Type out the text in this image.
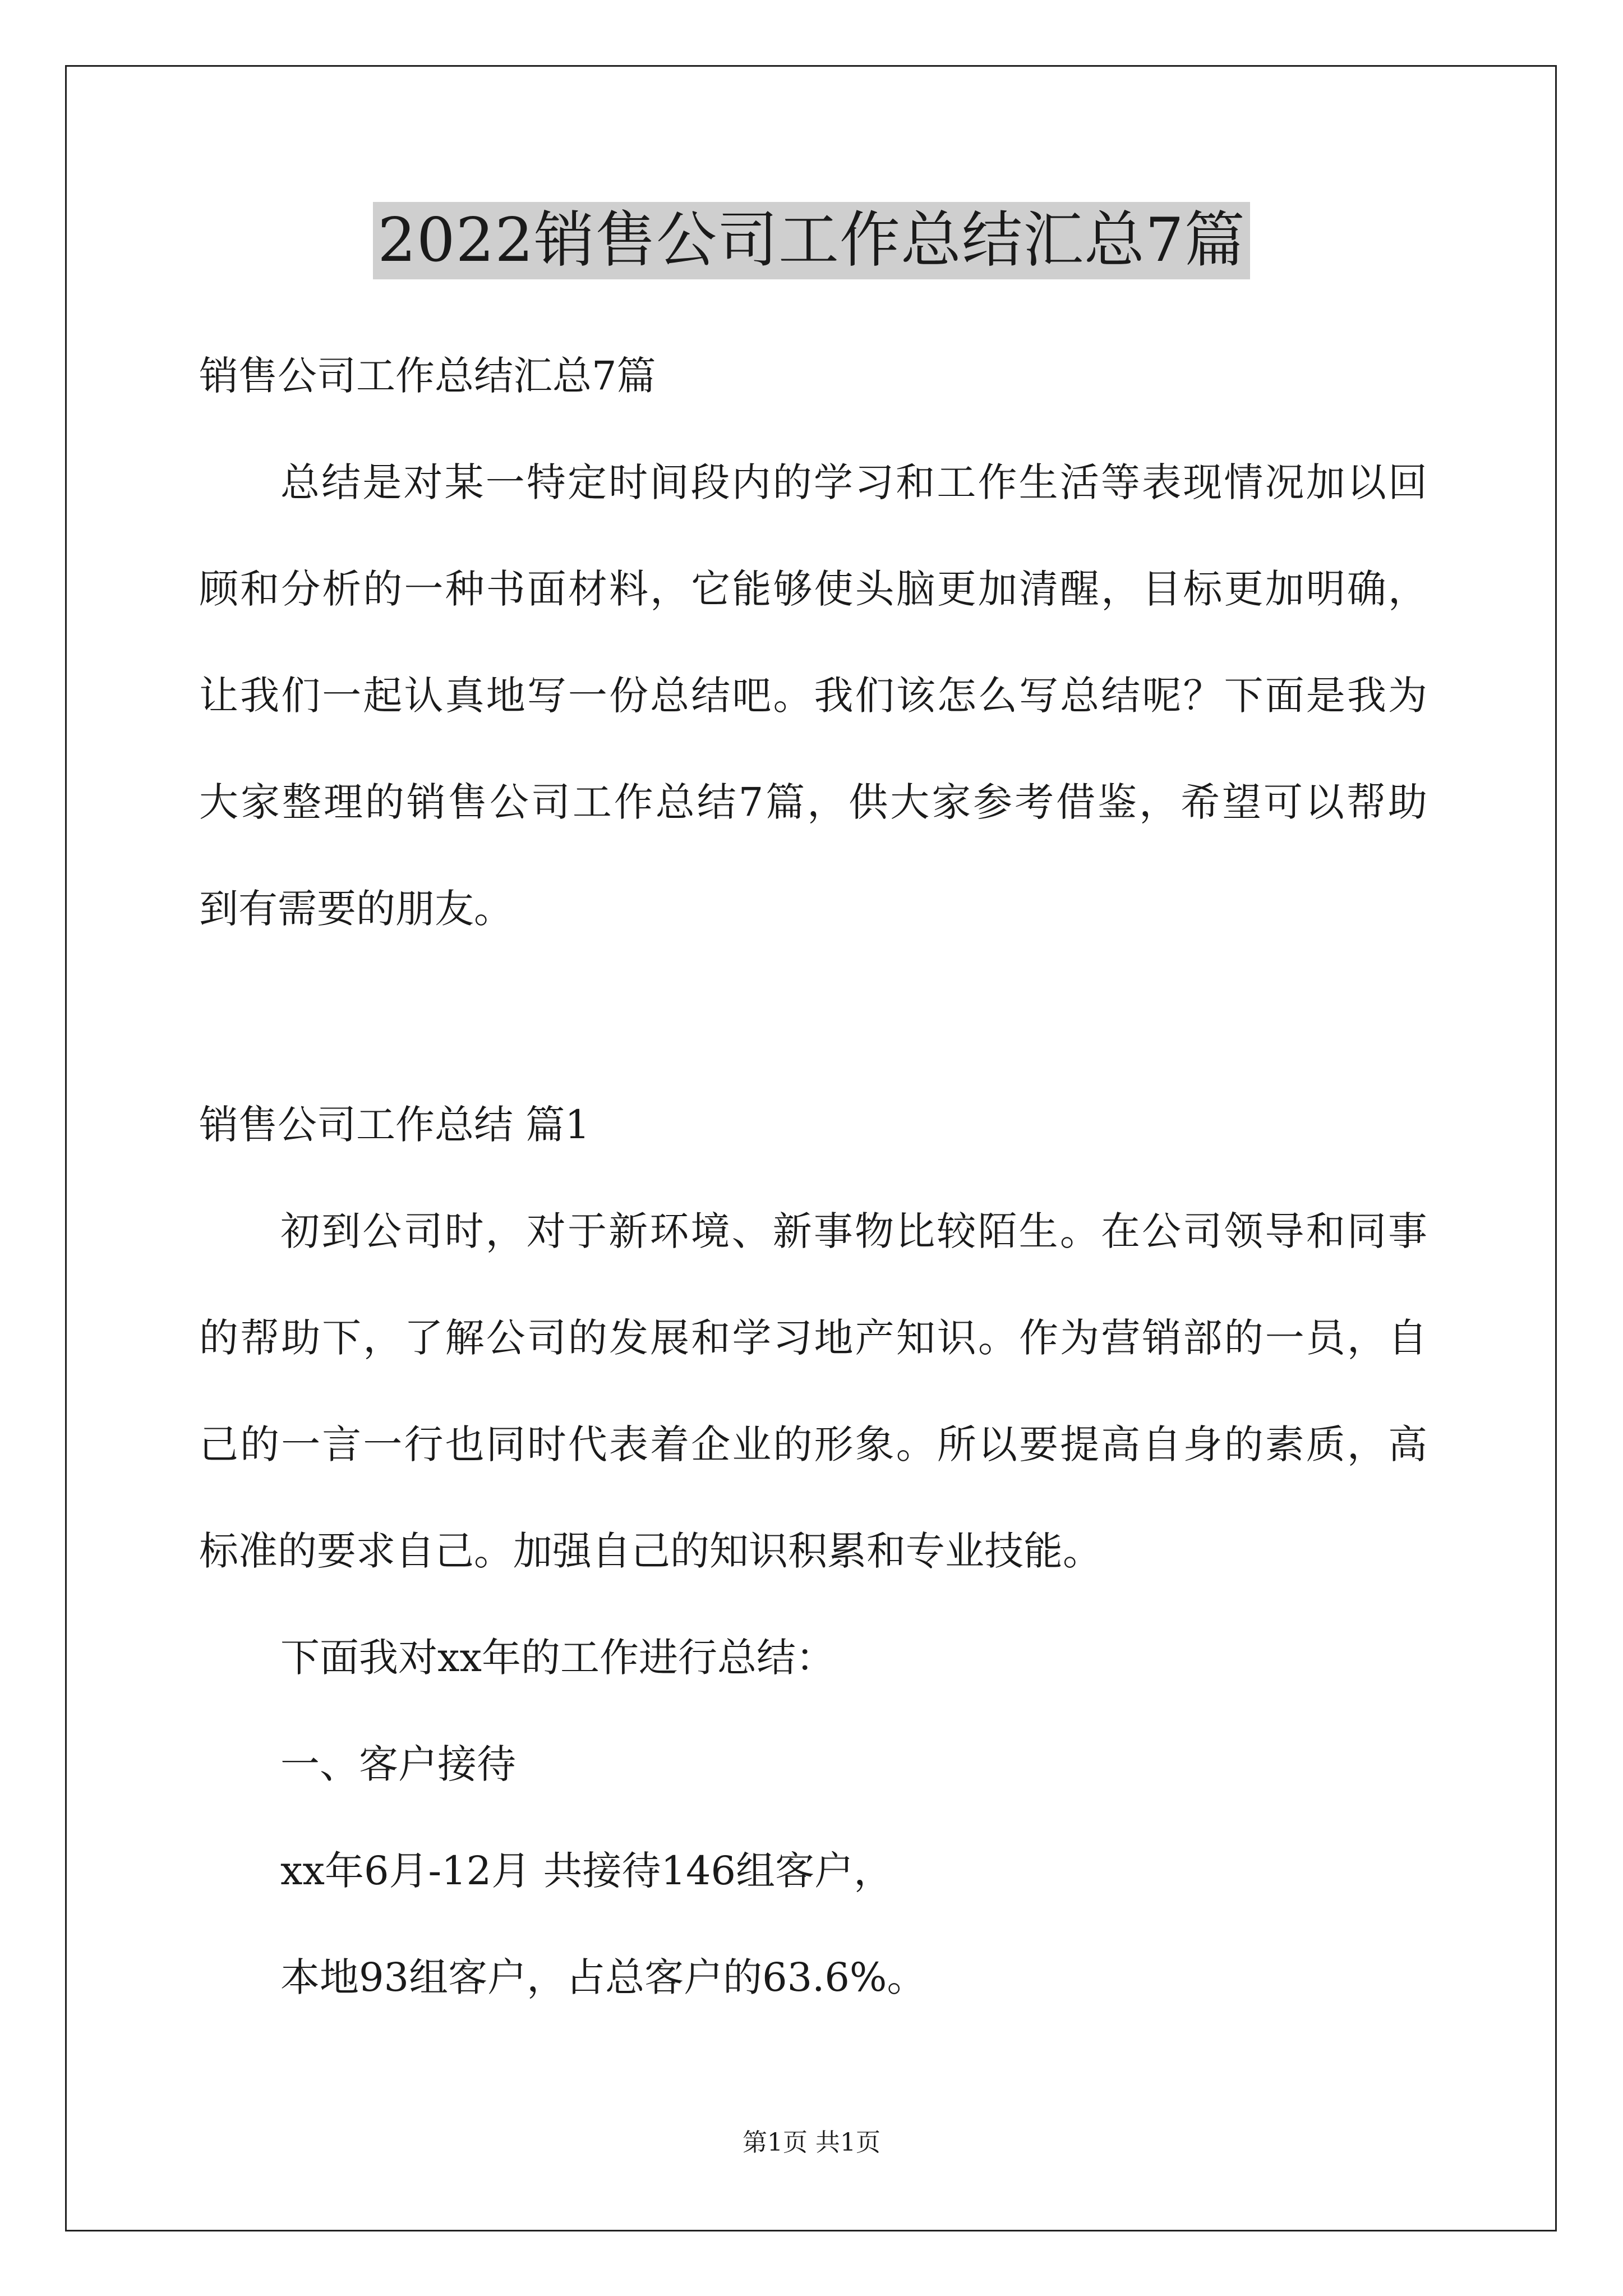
2022销售公司工作总结汇总7篇
销售公司工作总结汇总7篇
总结是对某一特定时间段内的学习和工作生活等表现情况加以回
顾和分析的一种书面材料，它能够使头脑更加清醒，目标更加明确，
让我们一起认真地写一份总结吧。我们该怎么写总结呢？下面是我为
大家整理的销售公司工作总结7篇，供大家参考借鉴，希望可以帮助
到有需要的朋友。
销售公司工作总结 篇1
初到公司时，对于新环境、新事物比较陌生。在公司领导和同事
的帮助下，了解公司的发展和学习地产知识。作为营销部的一员，自
己的一言一行也同时代表着企业的形象。所以要提高自身的素质，高
标准的要求自己。加强自己的知识积累和专业技能。
下面我对xx年的工作进行总结：
一、客户接待
xx年6月-12月 共接待146组客户，
本地93组客户，占总客户的63.6%。
第1页 共1页
